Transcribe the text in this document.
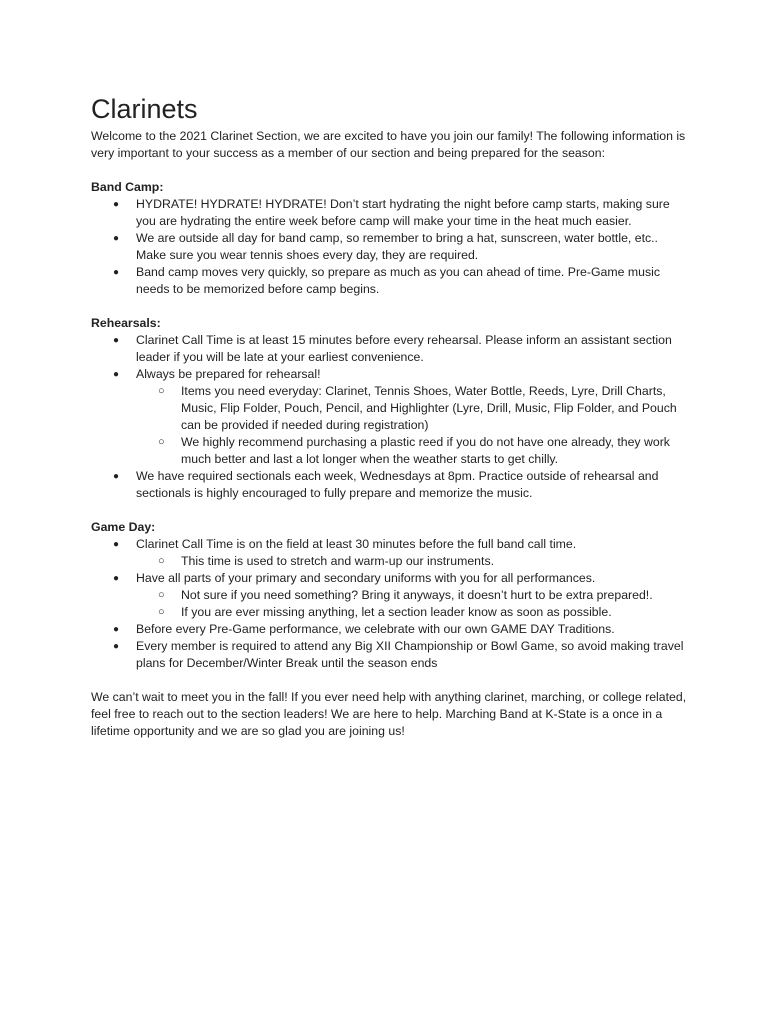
Clarinets

Welcome to the 2021 Clarinet Section, we are excited to have you join our family! The following information is very important to your success as a member of our section and being prepared for the season:

Band Camp:

● HYDRATE! HYDRATE! HYDRATE! Don’t start hydrating the night before camp starts, making sure you are hydrating the entire week before camp will make your time in the heat much easier.
● We are outside all day for band camp, so remember to bring a hat, sunscreen, water bottle, etc.. Make sure you wear tennis shoes every day, they are required.
● Band camp moves very quickly, so prepare as much as you can ahead of time. Pre-Game music needs to be memorized before camp begins.

Rehearsals:

● Clarinet Call Time is at least 15 minutes before every rehearsal. Please inform an assistant section leader if you will be late at your earliest convenience.
● Always be prepared for rehearsal!
○ Items you need everyday: Clarinet, Tennis Shoes, Water Bottle, Reeds, Lyre, Drill Charts, Music, Flip Folder, Pouch, Pencil, and Highlighter (Lyre, Drill, Music, Flip Folder, and Pouch can be provided if needed during registration)
○ We highly recommend purchasing a plastic reed if you do not have one already, they work much better and last a lot longer when the weather starts to get chilly.
● We have required sectionals each week, Wednesdays at 8pm. Practice outside of rehearsal and sectionals is highly encouraged to fully prepare and memorize the music.

Game Day:

● Clarinet Call Time is on the field at least 30 minutes before the full band call time.
○ This time is used to stretch and warm-up our instruments.
● Have all parts of your primary and secondary uniforms with you for all performances.
○ Not sure if you need something? Bring it anyways, it doesn’t hurt to be extra prepared!.
○ If you are ever missing anything, let a section leader know as soon as possible.
● Before every Pre-Game performance, we celebrate with our own GAME DAY Traditions.
● Every member is required to attend any Big XII Championship or Bowl Game, so avoid making travel plans for December/Winter Break until the season ends

We can’t wait to meet you in the fall! If you ever need help with anything clarinet, marching, or college related, feel free to reach out to the section leaders! We are here to help. Marching Band at K-State is a once in a lifetime opportunity and we are so glad you are joining us!
